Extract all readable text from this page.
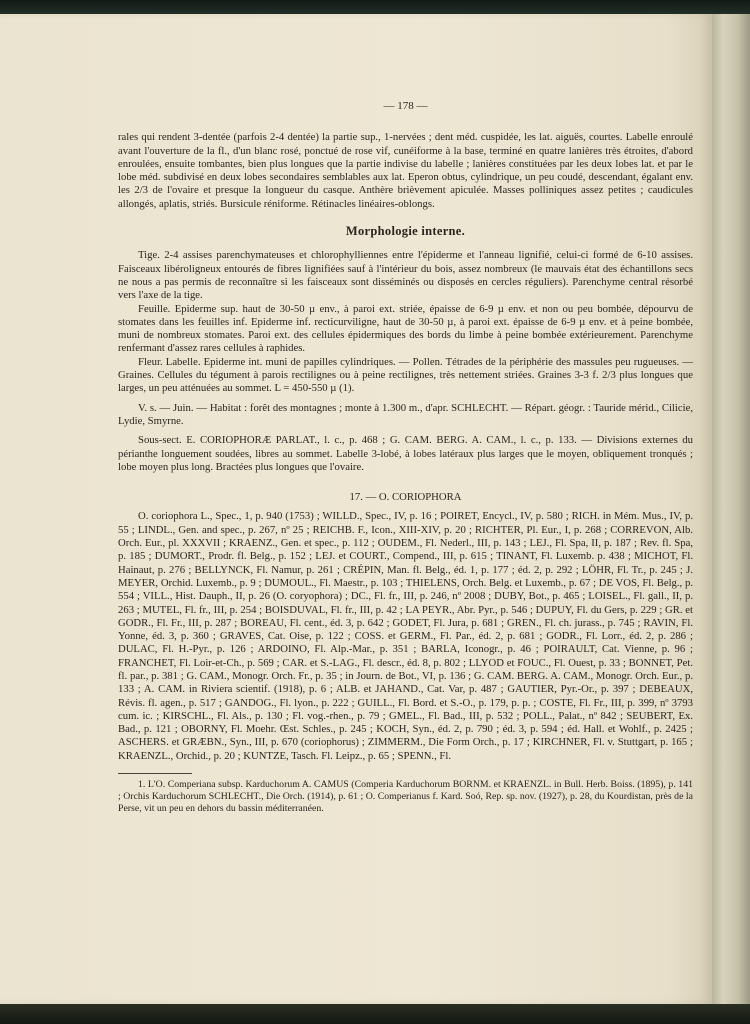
— 178 —

rales qui rendent 3-dentée (parfois 2-4 dentée) la partie sup., 1-nervées ; dent méd. cuspidée, les lat. aiguës, courtes. Labelle enroulé avant l'ouverture de la fl., d'un blanc rosé, ponctué de rose vif, cunéiforme à la base, terminé en quatre lanières très étroites, d'abord enroulées, ensuite tombantes, bien plus longues que la partie indivise du labelle ; lanières constituées par les deux lobes lat. et par le lobe méd. subdivisé en deux lobes secondaires semblables aux lat. Eperon obtus, cylindrique, un peu coudé, descendant, égalant env. les 2/3 de l'ovaire et presque la longueur du casque. Anthère brièvement apiculée. Masses polliniques assez petites ; caudicules allongés, aplatis, striés. Bursicule réniforme. Rétinacles linéaires-oblongs.

Morphologie interne.

Tige. 2-4 assises parenchymateuses et chlorophylliennes entre l'épiderme et l'anneau lignifié, celui-ci formé de 6-10 assises. Faisceaux libéroligneux entourés de fibres lignifiées sauf à l'intérieur du bois, assez nombreux (le mauvais état des échantillons secs ne nous a pas permis de reconnaître si les faisceaux sont disséminés ou disposés en cercles réguliers). Parenchyme central résorbé vers l'axe de la tige.

Feuille. Epiderme sup. haut de 30-50 µ env., à paroi ext. striée, épaisse de 6-9 µ env. et non ou peu bombée, dépourvu de stomates dans les feuilles inf. Epiderme inf. recticurviligne, haut de 30-50 µ, à paroi ext. épaisse de 6-9 µ env. et à peine bombée, muni de nombreux stomates. Paroi ext. des cellules épidermiques des bords du limbe à peine bombée extérieurement. Parenchyme renfermant d'assez rares cellules à raphides.

Fleur. Labelle. Epiderme int. muni de papilles cylindriques. — Pollen. Tétrades de la périphérie des massules peu rugueuses. — Graines. Cellules du tégument à parois rectilignes ou à peine rectilignes, très nettement striées. Graines 3-3 f. 2/3 plus longues que larges, un peu atténuées au sommet. L = 450-550 µ (1).

V. s. — Juin. — Habitat : forêt des montagnes ; monte à 1.300 m., d'apr. SCHLECHT. — Répart. géogr. : Tauride mérid., Cilicie, Lydie, Smyrne.

Sous-sect. E. CORIOPHORÆ PARLAT., l. c., p. 468 ; G. CAM. BERG. A. CAM., l. c., p. 133. — Divisions externes du périanthe longuement soudées, libres au sommet. Labelle 3-lobé, à lobes latéraux plus larges que le moyen, obliquement tronqués ; lobe moyen plus long. Bractées plus longues que l'ovaire.

17. — O. CORIOPHORA

O. coriophora L., Spec., 1, p. 940 (1753) ; WILLD., Spec., IV, p. 16 ; POIRET, Encycl., IV, p. 580 ; RICH. in Mém. Mus., IV, p. 55 ; LINDL., Gen. and spec., p. 267, nº 25 ; REICHB. F., Icon., XIII-XIV, p. 20 ; RICHTER, Pl. Eur., I, p. 268 ; CORREVON, Alb. Orch. Eur., pl. XXXVII ; KRAENZ., Gen. et spec., p. 112 ; OUDEM., Fl. Nederl., III, p. 143 ; LEJ., Fl. Spa, II, p. 187 ; Rev. fl. Spa, p. 185 ; DUMORT., Prodr. fl. Belg., p. 152 ; LEJ. et COURT., Compend., III, p. 615 ; TINANT, Fl. Luxemb. p. 438 ; MICHOT, Fl. Hainaut, p. 276 ; BELLYNCK, Fl. Namur, p. 261 ; CRÉPIN, Man. fl. Belg., éd. 1, p. 177 ; éd. 2, p. 292 ; LÖHR, Fl. Tr., p. 245 ; J. MEYER, Orchid. Luxemb., p. 9 ; DUMOUL., Fl. Maestr., p. 103 ; THIELENS, Orch. Belg. et Luxemb., p. 67 ; DE VOS, Fl. Belg., p. 554 ; VILL., Hist. Dauph., II, p. 26 (O. coryophora) ; DC., Fl. fr., III, p. 246, nº 2008 ; DUBY, Bot., p. 465 ; LOISEL., Fl. gall., II, p. 263 ; MUTEL, Fl. fr., III, p. 254 ; BOISDUVAL, Fl. fr., III, p. 42 ; LA PEYR., Abr. Pyr., p. 546 ; DUPUY, Fl. du Gers, p. 229 ; GR. et GODR., Fl. Fr., III, p. 287 ; BOREAU, Fl. cent., éd. 3, p. 642 ; GODET, Fl. Jura, p. 681 ; GREN., Fl. ch. jurass., p. 745 ; RAVIN, Fl. Yonne, éd. 3, p. 360 ; GRAVES, Cat. Oise, p. 122 ; COSS. et GERM., Fl. Par., éd. 2, p. 681 ; GODR., Fl. Lorr., éd. 2, p. 286 ; DULAC, Fl. H.-Pyr., p. 126 ; ARDOINO, Fl. Alp.-Mar., p. 351 ; BARLA, Iconogr., p. 46 ; POIRAULT, Cat. Vienne, p. 96 ; FRANCHET, Fl. Loir-et-Ch., p. 569 ; CAR. et S.-LAG., Fl. descr., éd. 8, p. 802 ; LLYOD et FOUC., Fl. Ouest, p. 33 ; BONNET, Pet. fl. par., p. 381 ; G. CAM., Monogr. Orch. Fr., p. 35 ; in Journ. de Bot., VI, p. 136 ; G. CAM. BERG. A. CAM., Monogr. Orch. Eur., p. 133 ; A. CAM. in Riviera scientif. (1918), p. 6 ; ALB. et JAHAND., Cat. Var, p. 487 ; GAUTIER, Pyr.-Or., p. 397 ; DEBEAUX, Révis. fl. agen., p. 517 ; GANDOG., Fl. lyon., p. 222 ; GUILL., Fl. Bord. et S.-O., p. 179, p. p. ; COSTE, Fl. Fr., III, p. 399, nº 3793 cum. ic. ; KIRSCHL., Fl. Als., p. 130 ; Fl. vog.-rhen., p. 79 ; GMEL., Fl. Bad., III, p. 532 ; POLL., Palat., nº 842 ; SEUBERT, Ex. Bad., p. 121 ; OBORNY, Fl. Moehr. Œst. Schles., p. 245 ; KOCH, Syn., éd. 2, p. 790 ; éd. 3, p. 594 ; éd. Hall. et Wohlf., p. 2425 ; ASCHERS. et GRÆBN., Syn., III, p. 670 (coriophorus) ; ZIMMERM., Die Form Orch., p. 17 ; KIRCHNER, Fl. v. Stuttgart, p. 165 ; KRAENZL., Orchid., p. 20 ; KUNTZE, Tasch. Fl. Leipz., p. 65 ; SPENN., Fl.

1. L'O. Comperiana subsp. Karduchorum A. CAMUS (Comperia Karduchorum BORNM. et KRAENZL. in Bull. Herb. Boiss. (1895), p. 141 ; Orchis Karduchorum SCHLECHT., Die Orch. (1914), p. 61 ; O. Comperianus f. Kard. Soó, Rep. sp. nov. (1927), p. 28, du Kourdistan, près de la Perse, vit un peu en dehors du bassin méditerranéen.
